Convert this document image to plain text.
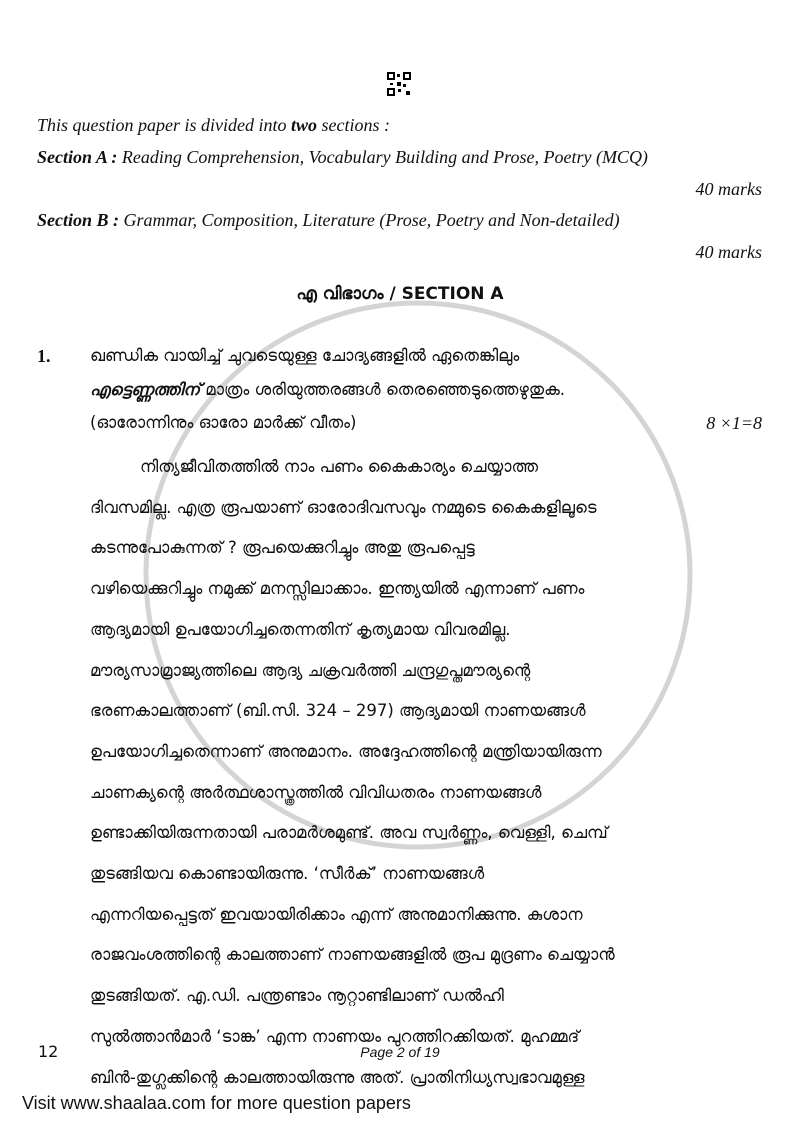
This question paper is divided into two sections :
Section A : Reading Comprehension, Vocabulary Building and Prose, Poetry (MCQ)
40 marks
Section B : Grammar, Composition, Literature (Prose, Poetry and Non-detailed)
40 marks
എ വിഭാഗം / SECTION A
1. ഖണ്ഡിക വായിച്ച് ചുവടെയുള്ള ചോദ്യങ്ങളിൽ ഏതെങ്കിലും
എട്ടെണ്ണത്തിന് മാത്രം ശരിയുത്തരങ്ങൾ തെരഞ്ഞെടുത്തെഴുതുക.
(ഓരോന്നിനും ഓരോ മാർക്ക് വീതം)	8 ×1=8
നിത്യജീവിതത്തിൽ നാം പണം കൈകാര്യം ചെയ്യാത്ത
ദിവസമില്ല. എത്ര രൂപയാണ് ഓരോദിവസവും നമ്മുടെ കൈകളിലൂടെ
കടന്നുപോകുന്നത് ? രൂപയെക്കുറിച്ചും അതു രൂപപ്പെട്ട
വഴിയെക്കുറിച്ചും നമുക്ക് മനസ്സിലാക്കാം. ഇന്ത്യയിൽ എന്നാണ് പണം
ആദ്യമായി ഉപയോഗിച്ചതെന്നതിന് കൃത്യമായ വിവരമില്ല.
മൗര്യസാമ്രാജ്യത്തിലെ ആദ്യ ചക്രവർത്തി ചന്ദ്രഗുപ്തമൗര്യന്റെ
ഭരണകാലത്താണ് (ബി.സി. 324 – 297) ആദ്യമായി നാണയങ്ങൾ
ഉപയോഗിച്ചതെന്നാണ് അനുമാനം. അദ്ദേഹത്തിന്റെ മന്ത്രിയായിരുന്ന
ചാണക്യന്റെ അർത്ഥശാസ്ത്രത്തിൽ വിവിധതരം നാണയങ്ങൾ
ഉണ്ടാക്കിയിരുന്നതായി പരാമർശമുണ്ട്. അവ സ്വർണ്ണം, വെള്ളി, ചെമ്പ്
തുടങ്ങിയവ കൊണ്ടായിരുന്നു. ‘സീർക്’ നാണയങ്ങൾ
എന്നറിയപ്പെട്ടത് ഇവയായിരിക്കാം എന്ന് അനുമാനിക്കുന്നു. കുശാന
രാജവംശത്തിന്റെ കാലത്താണ് നാണയങ്ങളിൽ രൂപ മുദ്രണം ചെയ്യാൻ
തുടങ്ങിയത്. എ.ഡി. പന്ത്രണ്ടാം നൂറ്റാണ്ടിലാണ് ഡൽഹി
സുൽത്താൻമാർ ‘ടാങ്ക’ എന്ന നാണയം പുറത്തിറക്കിയത്. മുഹമ്മദ്
ബിൻ-തുഗ്ലക്കിന്റെ കാലത്തായിരുന്നു അത്. പ്രാതിനിധ്യസ്വഭാവമുള്ള
12	Page 2 of 19
Visit www.shaalaa.com for more question papers
